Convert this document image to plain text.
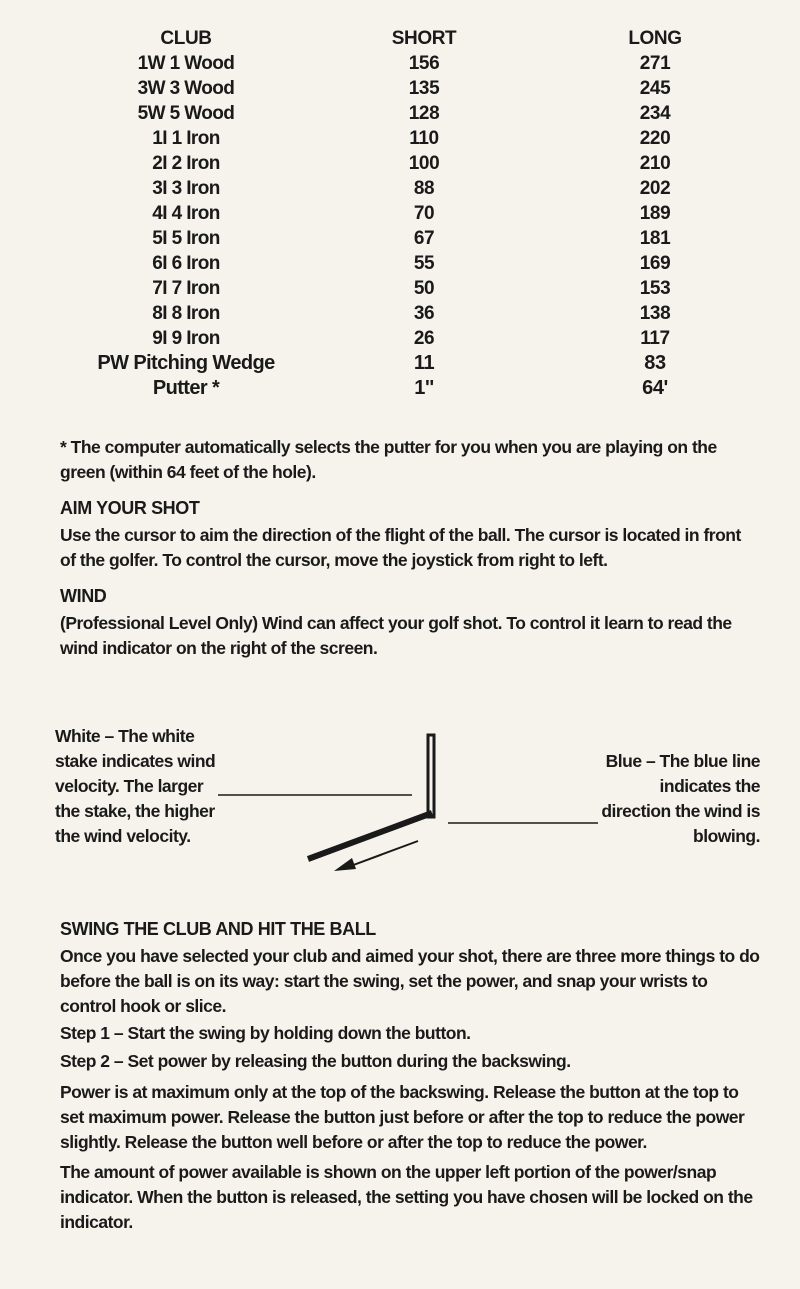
CLUB	SHORT	LONG
1W 1 Wood	156	271
3W 3 Wood	135	245
5W 5 Wood	128	234
1I 1 Iron	110	220
2I 2 Iron	100	210
3I 3 Iron	88	202
4I 4 Iron	70	189
5I 5 Iron	67	181
6I 6 Iron	55	169
7I 7 Iron	50	153
8I 8 Iron	36	138
9I 9 Iron	26	117
PW Pitching Wedge	11	83
Putter *	1''	64'
* The computer automatically selects the putter for you when you are playing on the green (within 64 feet of the hole).
AIM YOUR SHOT
Use the cursor to aim the direction of the flight of the ball. The cursor is located in front of the golfer. To control the cursor, move the joystick from right to left.
WIND
(Professional Level Only) Wind can affect your golf shot. To control it learn to read the wind indicator on the right of the screen.
White – The white stake indicates wind velocity. The larger the stake, the higher the wind velocity.
Blue – The blue line indicates the direction the wind is blowing.
SWING THE CLUB AND HIT THE BALL
Once you have selected your club and aimed your shot, there are three more things to do before the ball is on its way: start the swing, set the power, and snap your wrists to control hook or slice.
Step 1 – Start the swing by holding down the button.
Step 2 – Set power by releasing the button during the backswing.
Power is at maximum only at the top of the backswing. Release the button at the top to set maximum power. Release the button just before or after the top to reduce the power slightly. Release the button well before or after the top to reduce the power.
The amount of power available is shown on the upper left portion of the power/snap indicator. When the button is released, the setting you have chosen will be locked on the indicator.
